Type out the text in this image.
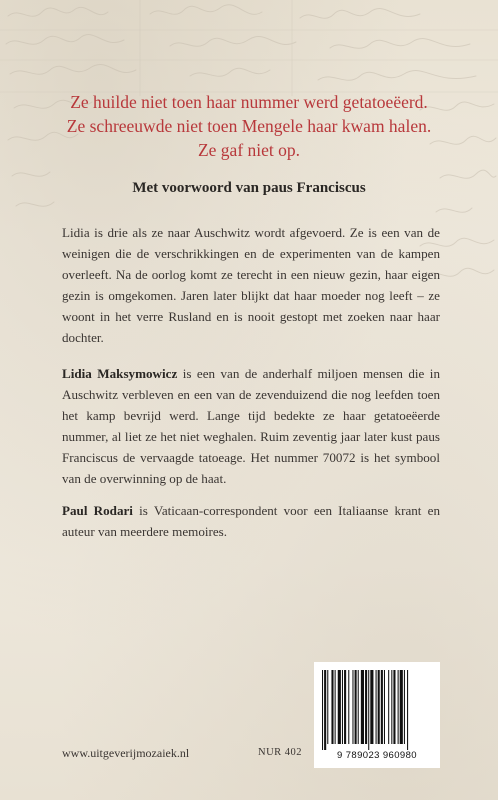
Ze huilde niet toen haar nummer werd getatoeëerd.
Ze schreeuwde niet toen Mengele haar kwam halen.
Ze gaf niet op.
Met voorwoord van paus Franciscus
Lidia is drie als ze naar Auschwitz wordt afgevoerd. Ze is een van de weinigen die de verschrikkingen en de experimenten van de kampen overleeft. Na de oorlog komt ze terecht in een nieuw gezin, haar eigen gezin is omgekomen. Jaren later blijkt dat haar moeder nog leeft – ze woont in het verre Rusland en is nooit gestopt met zoeken naar haar dochter.
Lidia Maksymowicz is een van de anderhalf miljoen mensen die in Auschwitz verbleven en een van de zevenduizend die nog leefden toen het kamp bevrijd werd. Lange tijd bedekte ze haar getatoeëerde nummer, al liet ze het niet weghalen. Ruim zeventig jaar later kust paus Franciscus de vervaagde tatoeage. Het nummer 70072 is het symbool van de overwinning op de haat.
Paul Rodari is Vaticaan-correspondent voor een Italiaanse krant en auteur van meerdere memoires.
9 789023 960980
www.uitgeverijmozaiek.nl	NUR 402
